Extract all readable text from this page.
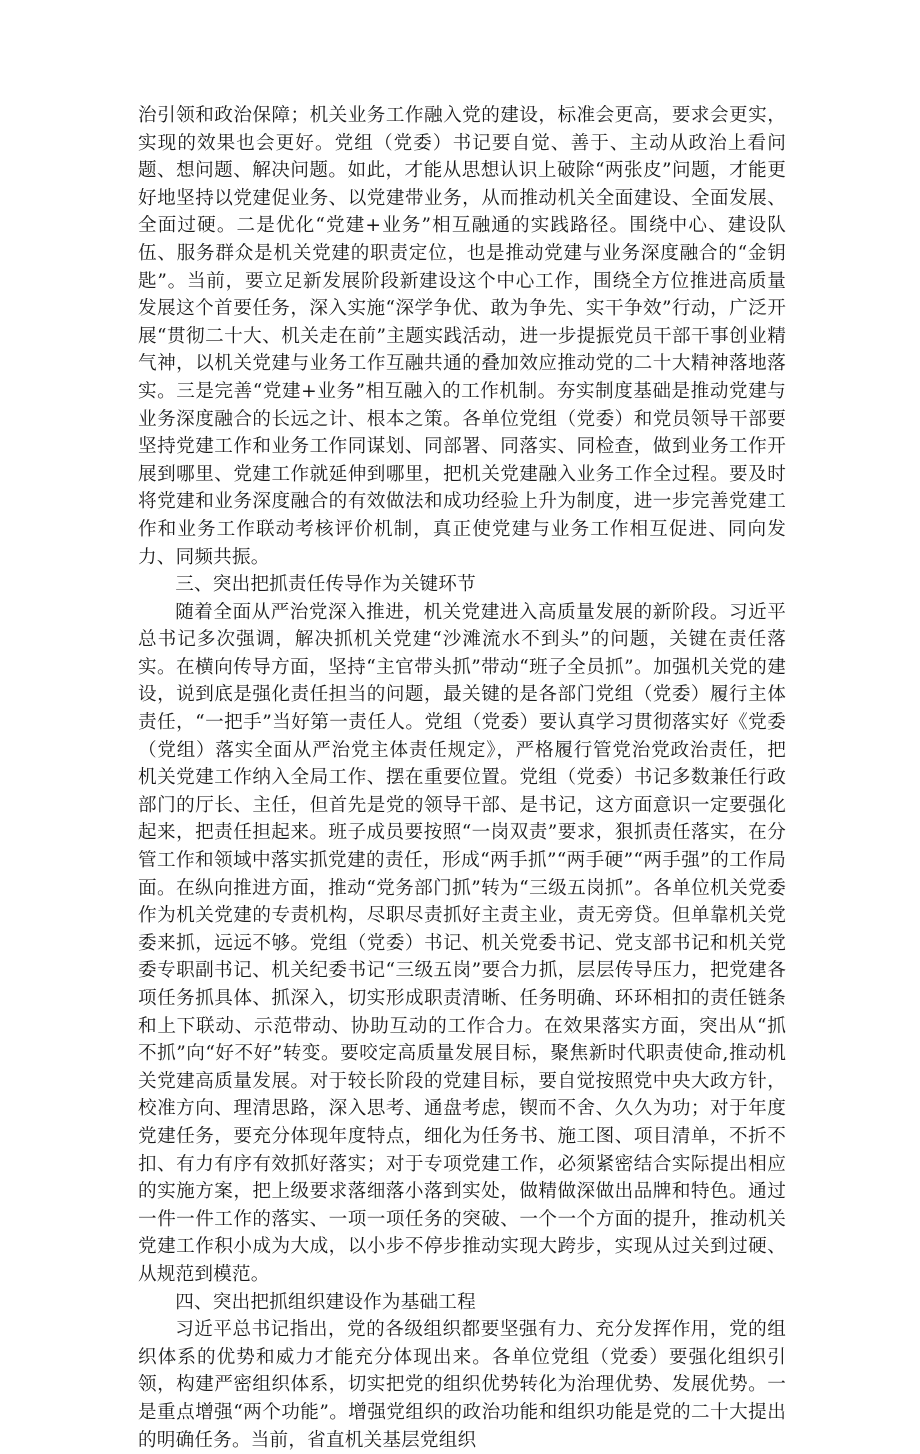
治引领和政治保障；机关业务工作融入党的建设，标准会更高，要求会更实，实现的效果也会更好。党组（党委）书记要自觉、善于、主动从政治上看问题、想问题、解决问题。如此，才能从思想认识上破除“两张皮”问题，才能更好地坚持以党建促业务、以党建带业务，从而推动机关全面建设、全面发展、全面过硬。二是优化“党建+业务”相互融通的实践路径。围绕中心、建设队伍、服务群众是机关党建的职责定位，也是推动党建与业务深度融合的“金钥匙”。当前，要立足新发展阶段新建设这个中心工作，围绕全方位推进高质量发展这个首要任务，深入实施“深学争优、敢为争先、实干争效”行动，广泛开展“贯彻二十大、机关走在前”主题实践活动，进一步提振党员干部干事创业精气神，以机关党建与业务工作互融共通的叠加效应推动党的二十大精神落地落实。三是完善“党建+业务”相互融入的工作机制。夯实制度基础是推动党建与业务深度融合的长远之计、根本之策。各单位党组（党委）和党员领导干部要坚持党建工作和业务工作同谋划、同部署、同落实、同检查，做到业务工作开展到哪里、党建工作就延伸到哪里，把机关党建融入业务工作全过程。要及时将党建和业务深度融合的有效做法和成功经验上升为制度，进一步完善党建工作和业务工作联动考核评价机制，真正使党建与业务工作相互促进、同向发力、同频共振。

三、突出把抓责任传导作为关键环节

随着全面从严治党深入推进，机关党建进入高质量发展的新阶段。习近平总书记多次强调，解决抓机关党建“沙滩流水不到头”的问题，关键在责任落实。在横向传导方面，坚持“主官带头抓”带动“班子全员抓”。加强机关党的建设，说到底是强化责任担当的问题，最关键的是各部门党组（党委）履行主体责任，“一把手”当好第一责任人。党组（党委）要认真学习贯彻落实好《党委（党组）落实全面从严治党主体责任规定》，严格履行管党治党政治责任，把机关党建工作纳入全局工作、摆在重要位置。党组（党委）书记多数兼任行政部门的厅长、主任，但首先是党的领导干部、是书记，这方面意识一定要强化起来，把责任担起来。班子成员要按照“一岗双责”要求，狠抓责任落实，在分管工作和领域中落实抓党建的责任，形成“两手抓”“两手硬”“两手强”的工作局面。在纵向推进方面，推动“党务部门抓”转为“三级五岗抓”。各单位机关党委作为机关党建的专责机构，尽职尽责抓好主责主业，责无旁贷。但单靠机关党委来抓，远远不够。党组（党委）书记、机关党委书记、党支部书记和机关党委专职副书记、机关纪委书记“三级五岗”要合力抓，层层传导压力，把党建各项任务抓具体、抓深入，切实形成职责清晰、任务明确、环环相扣的责任链条和上下联动、示范带动、协助互动的工作合力。在效果落实方面，突出从“抓不抓”向“好不好”转变。要咬定高质量发展目标，聚焦新时代职责使命,推动机关党建高质量发展。对于较长阶段的党建目标，要自觉按照党中央大政方针，校准方向、理清思路，深入思考、通盘考虑，锲而不舍、久久为功；对于年度党建任务，要充分体现年度特点，细化为任务书、施工图、项目清单，不折不扣、有力有序有效抓好落实；对于专项党建工作，必须紧密结合实际提出相应的实施方案，把上级要求落细落小落到实处，做精做深做出品牌和特色。通过一件一件工作的落实、一项一项任务的突破、一个一个方面的提升，推动机关党建工作积小成为大成，以小步不停步推动实现大跨步，实现从过关到过硬、从规范到模范。

四、突出把抓组织建设作为基础工程

习近平总书记指出，党的各级组织都要坚强有力、充分发挥作用，党的组织体系的优势和威力才能充分体现出来。各单位党组（党委）要强化组织引领，构建严密组织体系，切实把党的组织优势转化为治理优势、发展优势。一是重点增强“两个功能”。增强党组织的政治功能和组织功能是党的二十大提出的明确任务。当前，省直机关基层党组织
